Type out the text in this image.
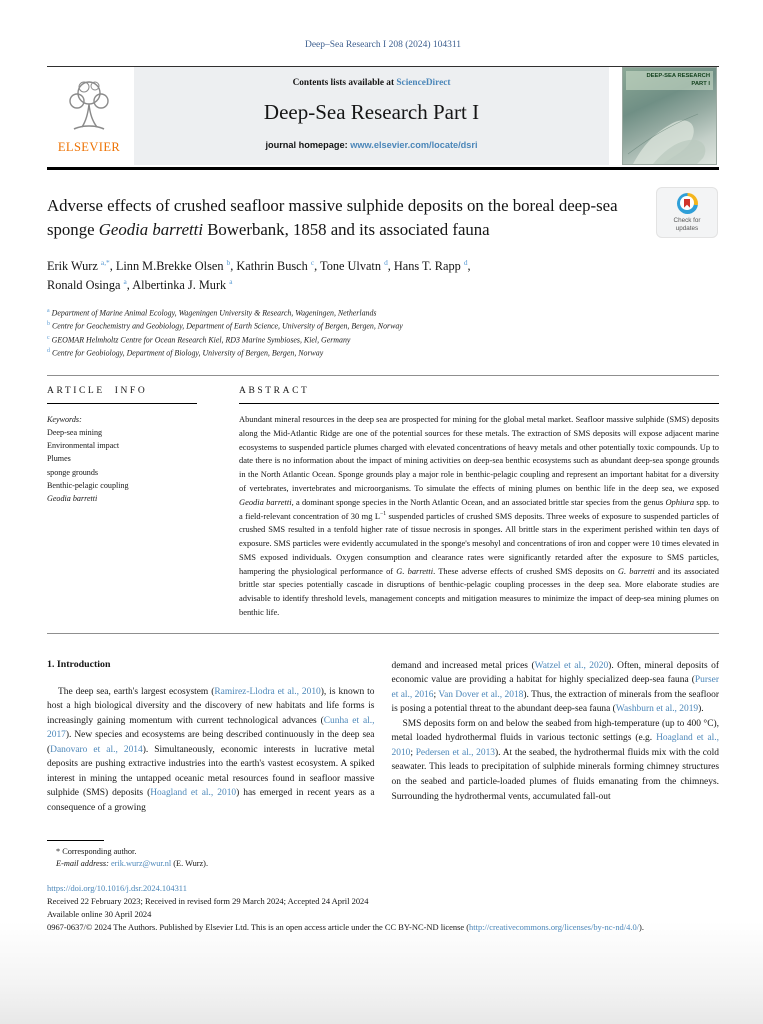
Deep–Sea Research I 208 (2024) 104311
ELSEVIER
Contents lists available at ScienceDirect
Deep-Sea Research Part I
journal homepage: www.elsevier.com/locate/dsri
DEEP-SEA RESEARCH
PART I
Adverse effects of crushed seafloor massive sulphide deposits on the boreal deep-sea sponge Geodia barretti Bowerbank, 1858 and its associated fauna	Check for
updates
Erik Wurz $^{a,*}$, Linn M.Brekke Olsen $^b$, Kathrin Busch $^c$, Tone Ulvatn $^d$, Hans T. Rapp $^d$,
Ronald Osinga $^a$, Albertinka J. Murk $^a$
$^a$ Department of Marine Animal Ecology, Wageningen University & Research, Wageningen, Netherlands
$^b$ Centre for Geochemistry and Geobiology, Department of Earth Science, University of Bergen, Bergen, Norway
$^c$ GEOMAR Helmholtz Centre for Ocean Research Kiel, RD3 Marine Symbioses, Kiel, Germany
$^d$ Centre for Geobiology, Department of Biology, University of Bergen, Bergen, Norway
ARTICLE INFO
Keywords:
Deep-sea mining
Environmental impact
Plumes
sponge grounds
Benthic-pelagic coupling
Geodia barretti
ABSTRACT
Abundant mineral resources in the deep sea are prospected for mining for the global metal market. Seafloor massive sulphide (SMS) deposits along the Mid-Atlantic Ridge are one of the potential sources for these metals. The extraction of SMS deposits will expose adjacent marine ecosystems to suspended particle plumes charged with elevated concentrations of heavy metals and other potentially toxic compounds. Up to date there is no information about the impact of mining activities on deep-sea benthic ecosystems such as abundant deep-sea sponge grounds in the North Atlantic Ocean. Sponge grounds play a major role in benthic-pelagic coupling and represent an important habitat for a diversity of vertebrates, invertebrates and microorganisms. To simulate the effects of mining plumes on benthic life in the deep sea, we exposed Geodia barretti, a dominant sponge species in the North Atlantic Ocean, and an associated brittle star species from the genus Ophiura spp. to a field-relevant concentration of 30 mg $L^{-1}$ suspended particles of crushed SMS deposits. Three weeks of exposure to suspended particles of crushed SMS resulted in a tenfold higher rate of tissue necrosis in sponges. All brittle stars in the experiment perished within ten days of exposure. SMS particles were evidently accumulated in the sponge's mesohyl and concentrations of iron and copper were 10 times elevated in SMS exposed individuals. Oxygen consumption and clearance rates were significantly retarded after the exposure to SMS particles, hampering the physiological performance of G. barretti. These adverse effects of crushed SMS deposits on G. barretti and its associated brittle star species potentially cascade in disruptions of benthic-pelagic coupling processes in the deep sea. More elaborate studies are advisable to identify threshold levels, management concepts and mitigation measures to minimize the impact of deep-sea mining plumes on benthic life.
1. Introduction

The deep sea, earth's largest ecosystem (Ramirez-Llodra et al., 2010), is known to host a high biological diversity and the discovery of new habitats and life forms is increasingly gaining momentum with current technological advances (Cunha et al., 2017). New species and ecosystems are being described continuously in the deep sea (Danovaro et al., 2014). Simultaneously, economic interests in lucrative metal deposits are pushing extractive industries into the earth's vastest ecosystem. A spiked interest in mining the untapped oceanic metal resources found in seafloor massive sulphide (SMS) deposits (Hoagland et al., 2010) has emerged in recent years as a consequence of a growing

demand and increased metal prices (Watzel et al., 2020). Often, mineral deposits of economic value are providing a habitat for highly specialized deep-sea fauna (Purser et al., 2016; Van Dover et al., 2018). Thus, the extraction of minerals from the seafloor is posing a potential threat to the abundant deep-sea fauna (Washburn et al., 2019).

SMS deposits form on and below the seabed from high-temperature (up to 400 °C), metal loaded hydrothermal fluids in various tectonic settings (e.g. Hoagland et al., 2010; Pedersen et al., 2013). At the seabed, the hydrothermal fluids mix with the cold seawater. This leads to precipitation of sulphide minerals forming chimney structures on the seabed and particle-loaded plumes of fluids emanating from the chimneys. Surrounding the hydrothermal vents, accumulated fall-out

* Corresponding author.
E-mail address: erik.wurz@wur.nl (E. Wurz).
https://doi.org/10.1016/j.dsr.2024.104311
Received 22 February 2023; Received in revised form 29 March 2024; Accepted 24 April 2024
Available online 30 April 2024
0967-0637/© 2024 The Authors. Published by Elsevier Ltd. This is an open access article under the CC BY-NC-ND license (http://creativecommons.org/licenses/by-nc-nd/4.0/).
